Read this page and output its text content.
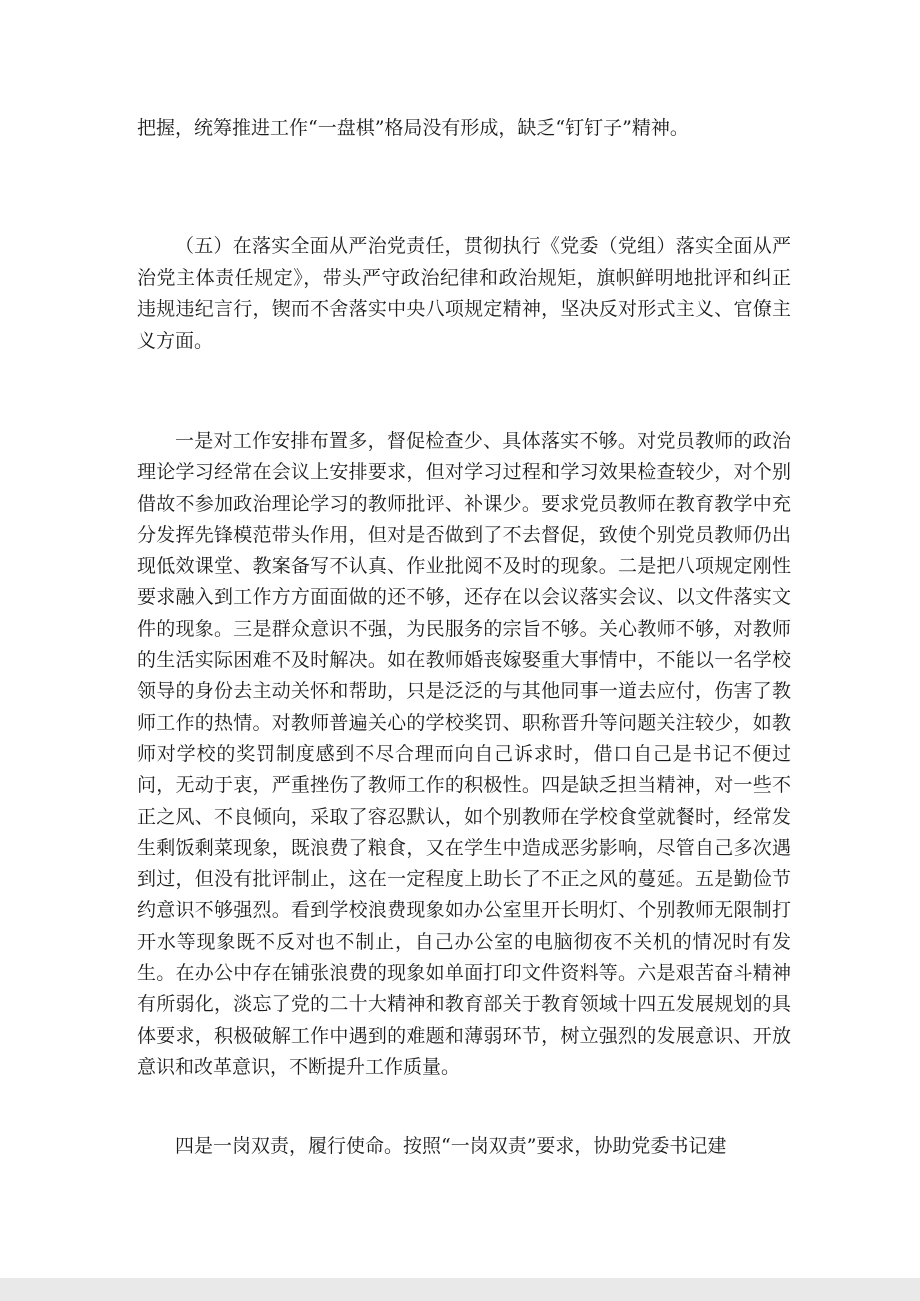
把握，统筹推进工作“一盘棋”格局没有形成，缺乏“钉钉子”精神。

（五）在落实全面从严治党责任，贯彻执行《党委（党组）落实全面从严治党主体责任规定》，带头严守政治纪律和政治规矩，旗帜鲜明地批评和纠正违规违纪言行，锲而不舍落实中央八项规定精神，坚决反对形式主义、官僚主义方面。

一是对工作安排布置多，督促检查少、具体落实不够。对党员教师的政治理论学习经常在会议上安排要求，但对学习过程和学习效果检查较少，对个别借故不参加政治理论学习的教师批评、补课少。要求党员教师在教育教学中充分发挥先锋模范带头作用，但对是否做到了不去督促，致使个别党员教师仍出现低效课堂、教案备写不认真、作业批阅不及时的现象。二是把八项规定刚性要求融入到工作方方面面做的还不够，还存在以会议落实会议、以文件落实文件的现象。三是群众意识不强，为民服务的宗旨不够。关心教师不够，对教师的生活实际困难不及时解决。如在教师婚丧嫁娶重大事情中，不能以一名学校领导的身份去主动关怀和帮助，只是泛泛的与其他同事一道去应付，伤害了教师工作的热情。对教师普遍关心的学校奖罚、职称晋升等问题关注较少，如教师对学校的奖罚制度感到不尽合理而向自己诉求时，借口自己是书记不便过问，无动于衷，严重挫伤了教师工作的积极性。四是缺乏担当精神，对一些不正之风、不良倾向，采取了容忍默认，如个别教师在学校食堂就餐时，经常发生剩饭剩菜现象，既浪费了粮食，又在学生中造成恶劣影响，尽管自己多次遇到过，但没有批评制止，这在一定程度上助长了不正之风的蔓延。五是勤俭节约意识不够强烈。看到学校浪费现象如办公室里开长明灯、个别教师无限制打开水等现象既不反对也不制止，自己办公室的电脑彻夜不关机的情况时有发生。在办公中存在铺张浪费的现象如单面打印文件资料等。六是艰苦奋斗精神有所弱化，淡忘了党的二十大精神和教育部关于教育领域十四五发展规划的具体要求，积极破解工作中遇到的难题和薄弱环节，树立强烈的发展意识、开放意识和改革意识，不断提升工作质量。

四是一岗双责，履行使命。按照“一岗双责”要求，协助党委书记建
